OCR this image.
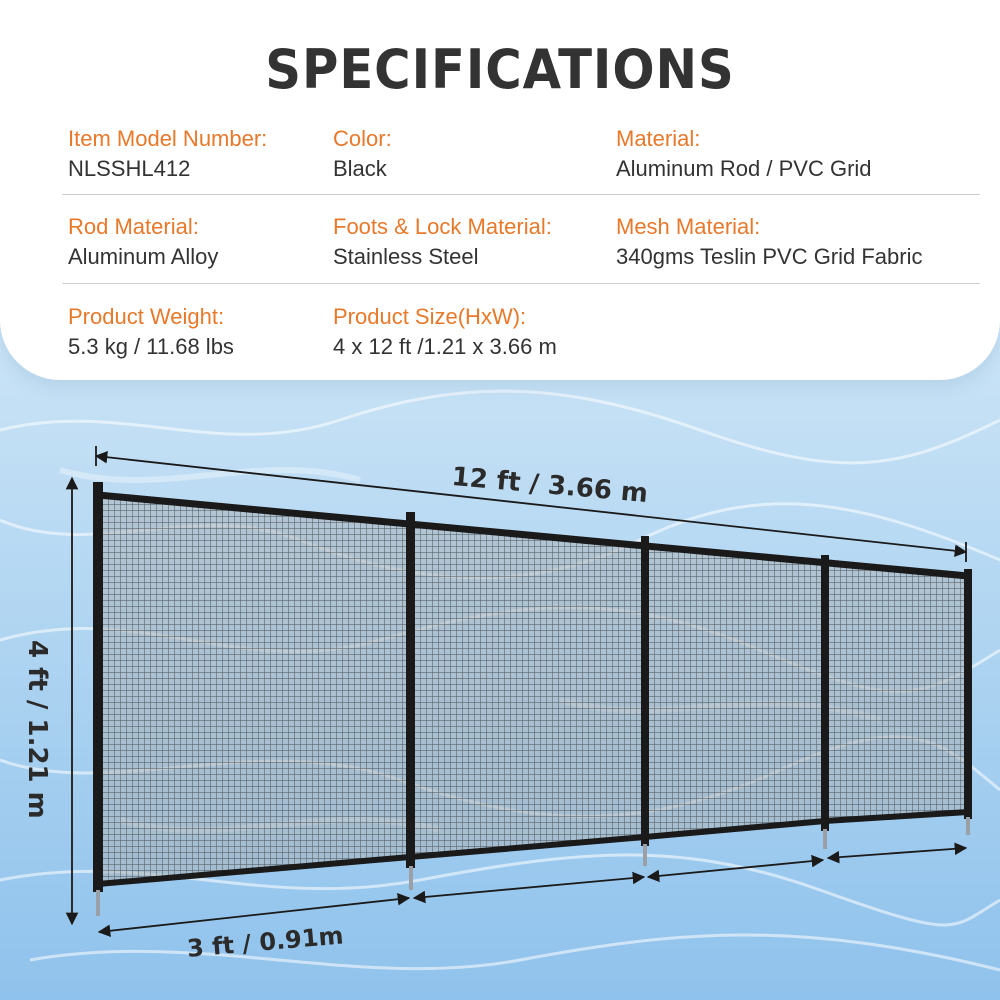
SPECIFICATIONS
Item Model Number:
NLSSHL412
Color:
Black
Material:
Aluminum Rod / PVC Grid
Rod Material:
Aluminum Alloy
Foots & Lock Material:
Stainless Steel
Mesh Material:
340gms Teslin PVC Grid Fabric
Product Weight:
5.3 kg / 11.68 lbs
Product Size(HxW):
4 x 12 ft /1.21 x 3.66 m
12 ft / 3.66 m
4 ft / 1.21 m
3 ft / 0.91m
